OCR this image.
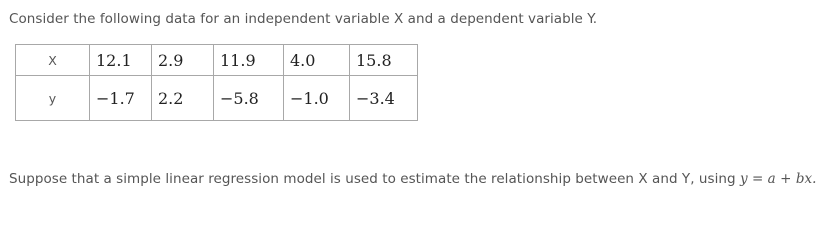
Consider the following data for an independent variable X and a dependent variable Y.
X	12.1	2.9	11.9	4.0	15.8
y	−1.7	2.2	−5.8	−1.0	−3.4
Suppose that a simple linear regression model is used to estimate the relationship between X and Y, using y = a + bx.
